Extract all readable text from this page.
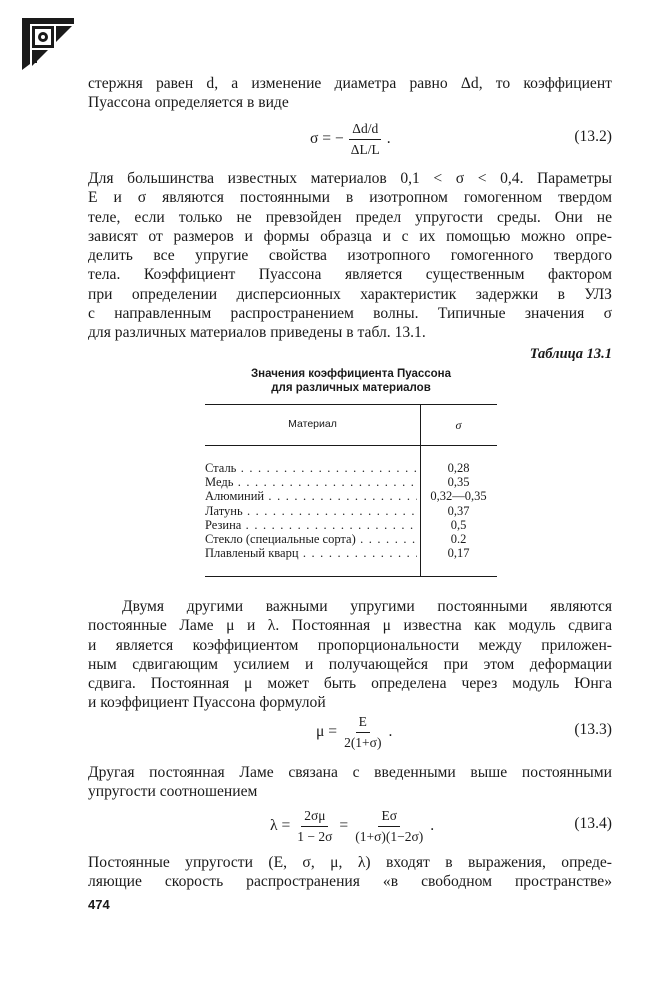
стержня равен d, а изменение диаметра равно Δd, то коэффициент
Пуассона определяется в виде
σ = − $\frac{\Delta d/d}{\Delta L/L}$ .	(13.2)
Для большинства известных материалов 0,1 < σ < 0,4. Параметры
E и σ являются постоянными в изотропном гомогенном твердом
теле, если только не превзойден предел упругости среды. Они не
зависят от размеров и формы образца и с их помощью можно опре-
делить все упругие свойства изотропного гомогенного твердого
тела. Коэффициент Пуассона является существенным фактором
при определении дисперсионных характеристик задержки в УЛЗ
с направленным распространением волны. Типичные значения σ
для различных материалов приведены в табл. 13.1.
Таблица 13.1
Значения коэффициента Пуассона
для различных материалов
Материал	σ
Сталь . . .	0,28
Медь . . .	0,35
Алюминий . . .	0,32—0,35
Латунь . . .	0,37
Резина . . .	0,5
Стекло (специальные сорта) . . .	0.2
Плавленый кварц . . .	0,17
Двумя другими важными упругими постоянными являются
постоянные Ламе μ и λ. Постоянная μ известна как модуль сдвига
и является коэффициентом пропорциональности между приложен-
ным сдвигающим усилием и получающейся при этом деформации
сдвига. Постоянная μ может быть определена через модуль Юнга
и коэффициент Пуассона формулой
$\mu = \frac{E}{2(1+\sigma)}$ .	(13.3)
Другая постоянная Ламе связана с введенными выше постоянными
упругости соотношением
$\lambda = \frac{2\sigma\mu}{1 - 2\sigma} = \frac{E\sigma}{(1+\sigma)(1-2\sigma)}$ .	(13.4)
Постоянные упругости (E, σ, μ, λ) входят в выражения, опреде-
ляющие скорость распространения «в свободном пространстве»
474
